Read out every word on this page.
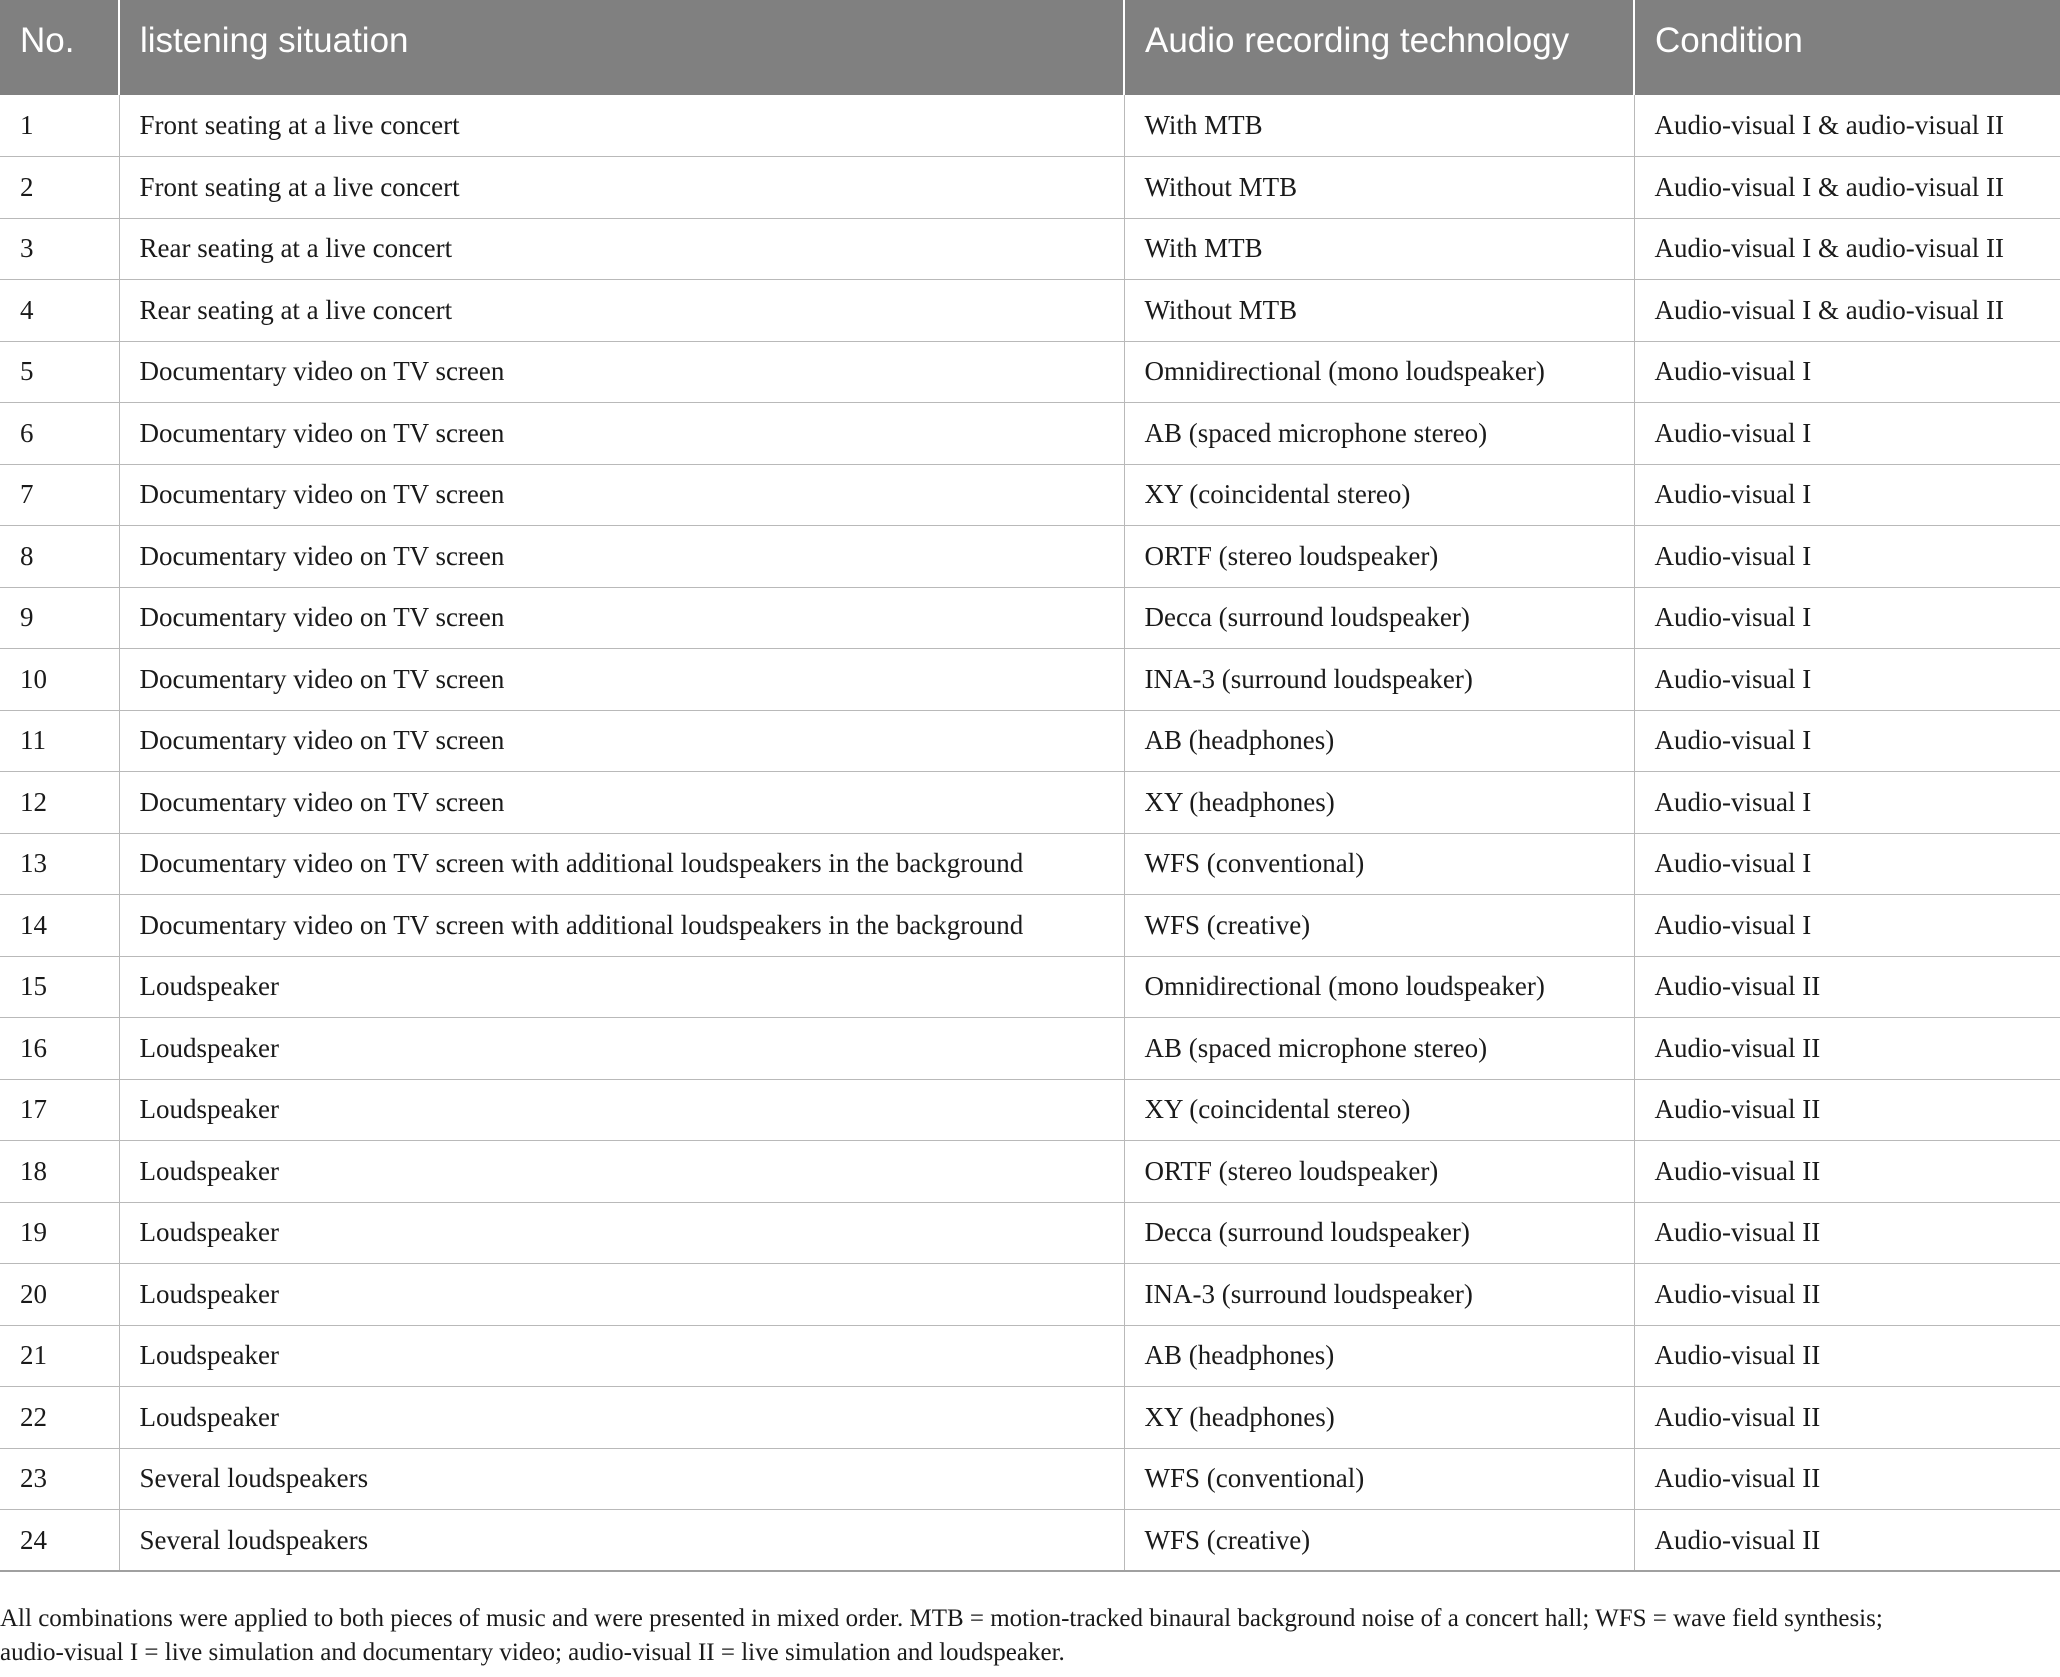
No.	listening situation	Audio recording technology	Condition
1	Front seating at a live concert	With MTB	Audio-visual I & audio-visual II
2	Front seating at a live concert	Without MTB	Audio-visual I & audio-visual II
3	Rear seating at a live concert	With MTB	Audio-visual I & audio-visual II
4	Rear seating at a live concert	Without MTB	Audio-visual I & audio-visual II
5	Documentary video on TV screen	Omnidirectional (mono loudspeaker)	Audio-visual I
6	Documentary video on TV screen	AB (spaced microphone stereo)	Audio-visual I
7	Documentary video on TV screen	XY (coincidental stereo)	Audio-visual I
8	Documentary video on TV screen	ORTF (stereo loudspeaker)	Audio-visual I
9	Documentary video on TV screen	Decca (surround loudspeaker)	Audio-visual I
10	Documentary video on TV screen	INA-3 (surround loudspeaker)	Audio-visual I
11	Documentary video on TV screen	AB (headphones)	Audio-visual I
12	Documentary video on TV screen	XY (headphones)	Audio-visual I
13	Documentary video on TV screen with additional loudspeakers in the background	WFS (conventional)	Audio-visual I
14	Documentary video on TV screen with additional loudspeakers in the background	WFS (creative)	Audio-visual I
15	Loudspeaker	Omnidirectional (mono loudspeaker)	Audio-visual II
16	Loudspeaker	AB (spaced microphone stereo)	Audio-visual II
17	Loudspeaker	XY (coincidental stereo)	Audio-visual II
18	Loudspeaker	ORTF (stereo loudspeaker)	Audio-visual II
19	Loudspeaker	Decca (surround loudspeaker)	Audio-visual II
20	Loudspeaker	INA-3 (surround loudspeaker)	Audio-visual II
21	Loudspeaker	AB (headphones)	Audio-visual II
22	Loudspeaker	XY (headphones)	Audio-visual II
23	Several loudspeakers	WFS (conventional)	Audio-visual II
24	Several loudspeakers	WFS (creative)	Audio-visual II
All combinations were applied to both pieces of music and were presented in mixed order. MTB = motion-tracked binaural background noise of a concert hall; WFS = wave field synthesis;
audio-visual I = live simulation and documentary video; audio-visual II = live simulation and loudspeaker.
